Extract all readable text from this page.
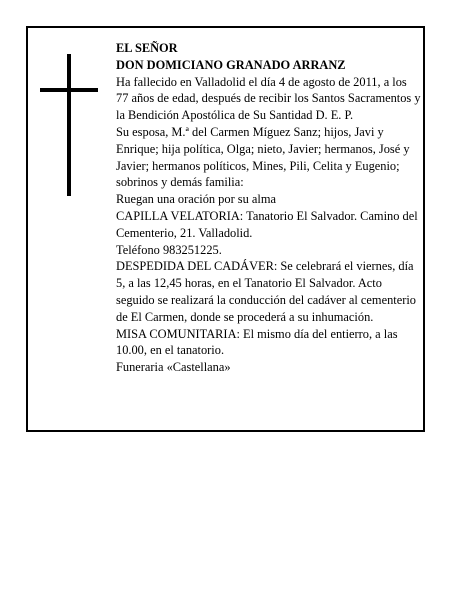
EL SEÑOR

DON DOMICIANO GRANADO ARRANZ

Ha fallecido en Valladolid el día 4 de agosto de 2011, a los 77 años de edad, después de recibir los Santos Sacramentos y la Bendición Apostólica de Su Santidad D. E. P.

Su esposa, M.ª del Carmen Míguez Sanz; hijos, Javi y Enrique; hija política, Olga; nieto, Javier; hermanos, José y Javier; hermanos políticos, Mines, Pili, Celita y Eugenio; sobrinos y demás familia:

Ruegan una oración por su alma

CAPILLA VELATORIA: Tanatorio El Salvador. Camino del Cementerio, 21. Valladolid.

Teléfono 983251225.

DESPEDIDA DEL CADÁVER: Se celebrará el viernes, día 5, a las 12,45 horas, en el Tanatorio El Salvador. Acto seguido se realizará la conducción del cadáver al cementerio de El Carmen, donde se procederá a su inhumación.

MISA COMUNITARIA: El mismo día del entierro, a las 10.00, en el tanatorio.

Funeraria «Castellana»
